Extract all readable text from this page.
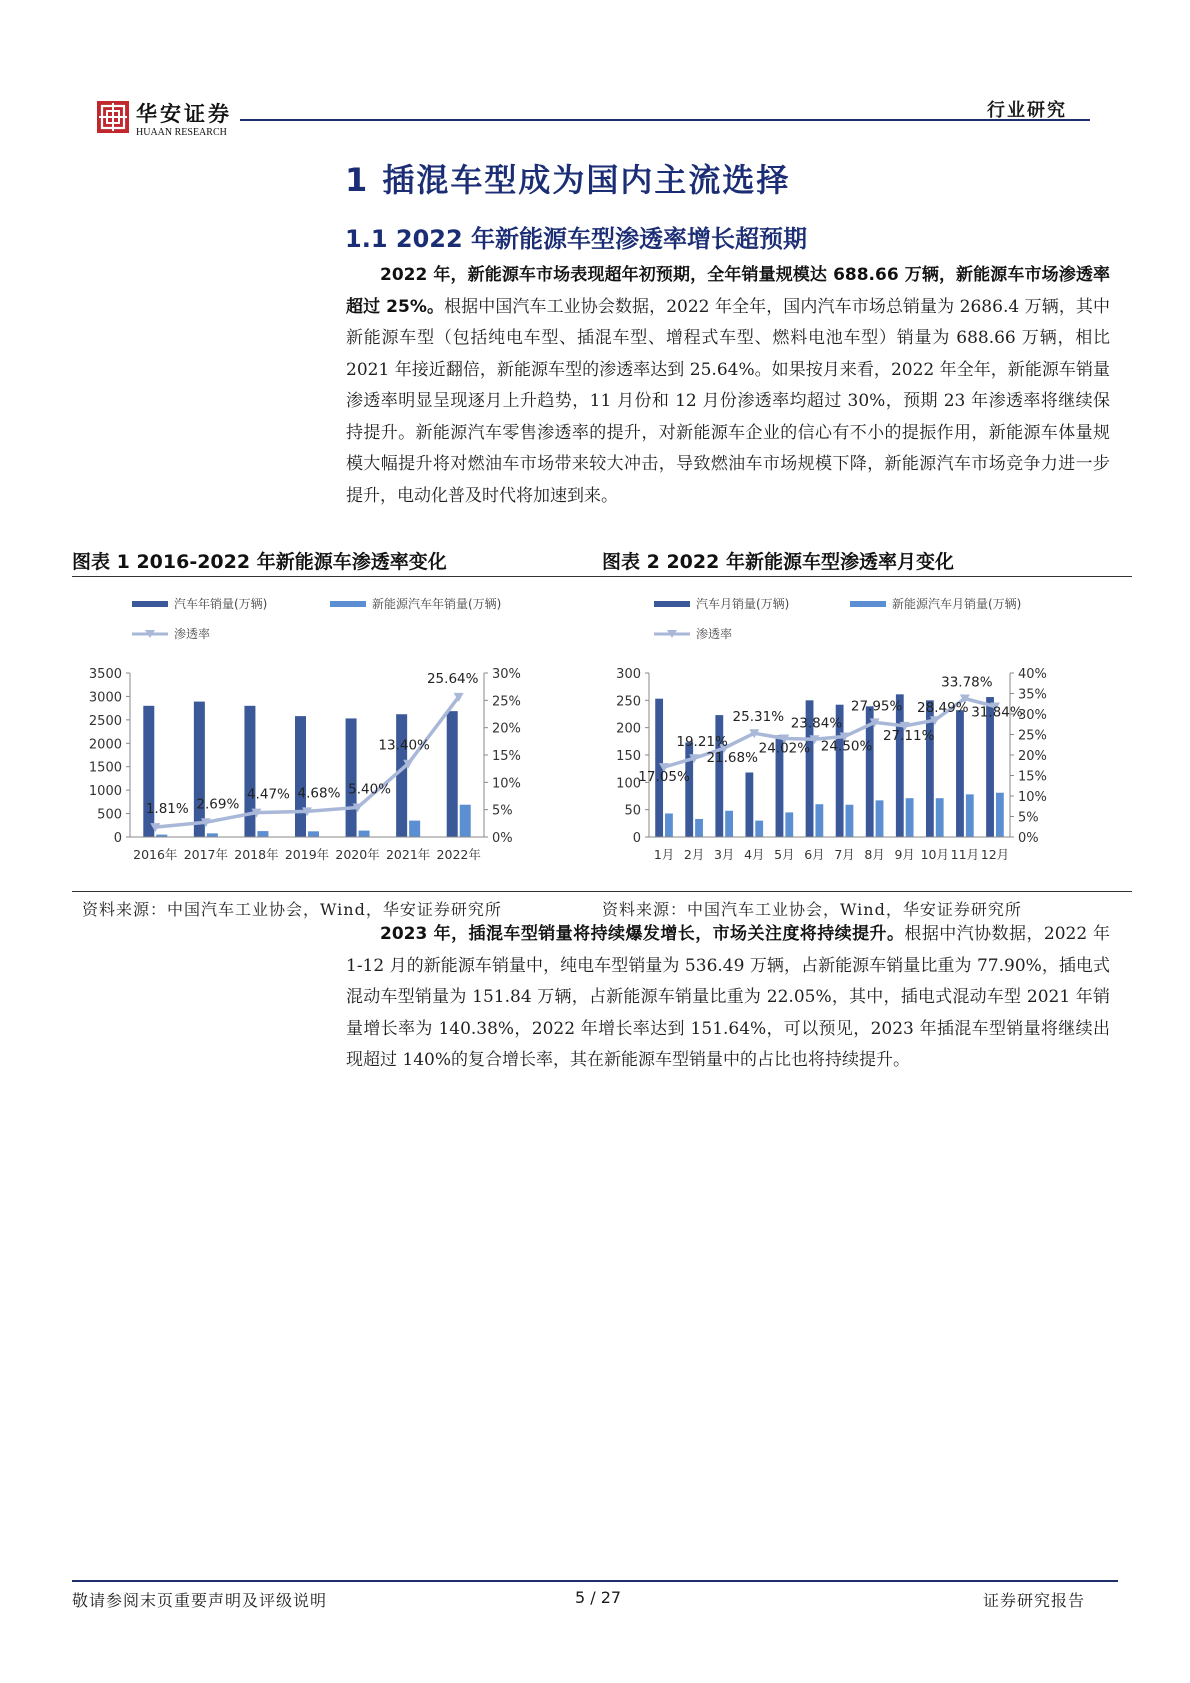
华安证券
HUAAN RESEARCH
行业研究
1 插混车型成为国内主流选择
1.1 2022 年新能源车型渗透率增长超预期
  2022 年，新能源车市场表现超年初预期，全年销量规模达 688.66 万辆，新能源车市场渗透率超过 25%。根据中国汽车工业协会数据，2022 年全年，国内汽车市场总销量为 2686.4 万辆，其中新能源车型（包括纯电车型、插混车型、增程式车型、燃料电池车型）销量为 688.66 万辆，相比 2021 年接近翻倍，新能源车型的渗透率达到 25.64%。如果按月来看，2022 年全年，新能源车销量渗透率明显呈现逐月上升趋势，11 月份和 12 月份渗透率均超过 30%，预期 23 年渗透率将继续保持提升。新能源汽车零售渗透率的提升，对新能源车企业的信心有不小的提振作用，新能源车体量规模大幅提升将对燃油车市场带来较大冲击，导致燃油车市场规模下降，新能源汽车市场竞争力进一步提升，电动化普及时代将加速到来。
图表 1 2016-2022 年新能源车渗透率变化	图表 2 2022 年新能源车型渗透率月变化
汽车年销量(万辆)	新能源汽车年销量(万辆)
渗透率
0
500
1000
1500
2000
2500
3000
3500
0%
5%
10%
15%
20%
25%
30%
1.81% 2.69%
4.47% 4.68% 5.40%
13.40%
25.64%
2016年 2017年 2018年 2019年 2020年 2021年 2022年
汽车月销量(万辆)	新能源汽车月销量(万辆)
渗透率
0
50
100
150
200
250
300
0%
5%
10%
15%
20%
25%
30%
35%
40%
17.05%
19.21%
21.68%
25.31%
24.02%
23.84%
24.50%
27.95%
27.11%
28.49%
33.78%
31.84%
1月 2月 3月 4月 5月 6月 7月 8月 9月 10月 11月 12月
资料来源：中国汽车工业协会，Wind，华安证券研究所	资料来源：中国汽车工业协会，Wind，华安证券研究所
  2023 年，插混车型销量将持续爆发增长，市场关注度将持续提升。根据中汽协数据，2022 年 1-12 月的新能源车销量中，纯电车型销量为 536.49 万辆，占新能源车销量比重为 77.90%，插电式混动车型销量为 151.84 万辆，占新能源车销量比重为 22.05%，其中，插电式混动车型 2021 年销量增长率为 140.38%，2022 年增长率达到 151.64%，可以预见，2023 年插混车型销量将继续出现超过 140%的复合增长率，其在新能源车型销量中的占比也将持续提升。
敬请参阅末页重要声明及评级说明	5 / 27	证券研究报告
